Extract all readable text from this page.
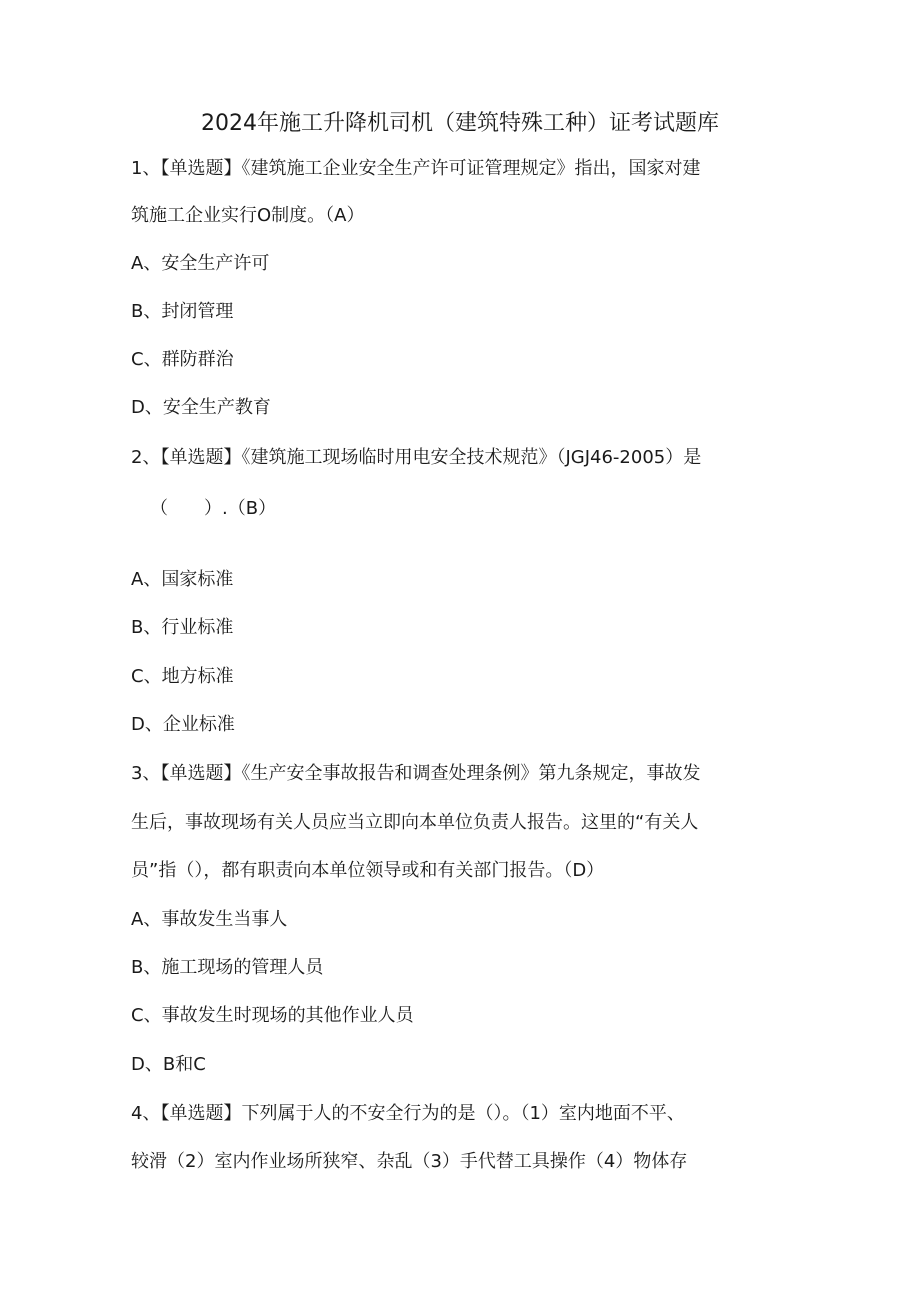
2024年施工升降机司机（建筑特殊工种）证考试题库
1、【单选题】《建筑施工企业安全生产许可证管理规定》指出，国家对建
筑施工企业实行O制度。（A）
A、安全生产许可
B、封闭管理
C、群防群治
D、安全生产教育
2、【单选题】《建筑施工现场临时用电安全技术规范》（JGJ46-2005）是
（　　）.（B）
A、国家标准
B、行业标准
C、地方标准
D、企业标准
3、【单选题】《生产安全事故报告和调查处理条例》第九条规定，事故发
生后，事故现场有关人员应当立即向本单位负责人报告。这里的“有关人
员”指（），都有职责向本单位领导或和有关部门报告。（D）
A、事故发生当事人
B、施工现场的管理人员
C、事故发生时现场的其他作业人员
D、B和C
4、【单选题】下列属于人的不安全行为的是（）。（1）室内地面不平、
较滑（2）室内作业场所狭窄、杂乱（3）手代替工具操作（4）物体存
